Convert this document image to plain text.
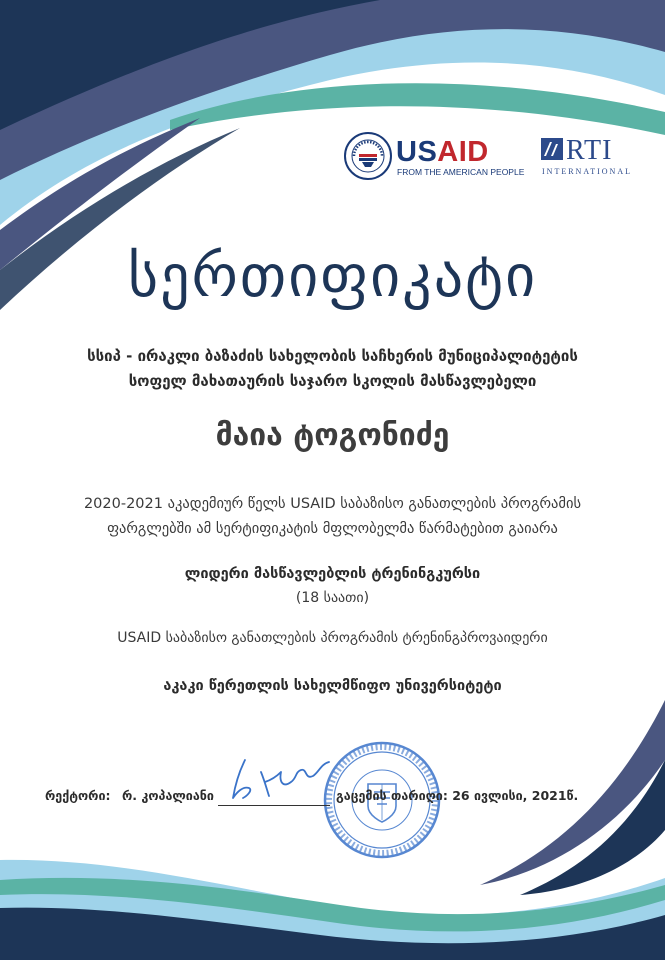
USAID
FROM THE AMERICAN PEOPLE
RTI
INTERNATIONAL
სერთიფიკატი
სსიპ - ირაკლი ბაზაძის სახელობის საჩხერის მუნიციპალიტეტის
სოფელ მახათაურის საჯარო სკოლის მასწავლებელი
მაია ტოგონიძე
2020-2021 აკადემიურ წელს USAID საბაზისო განათლების პროგრამის
ფარგლებში ამ სერტიფიკატის მფლობელმა წარმატებით გაიარა
ლიდერი მასწავლებლის ტრენინგკურსი
(18 საათი)
USAID საბაზისო განათლების პროგრამის ტრენინგპროვაიდერი
აკაკი წერეთლის სახელმწიფო უნივერსიტეტი
რექტორი: რ. კოპალიანი	გაცემის თარიღი: 26 ივლისი, 2021წ.
